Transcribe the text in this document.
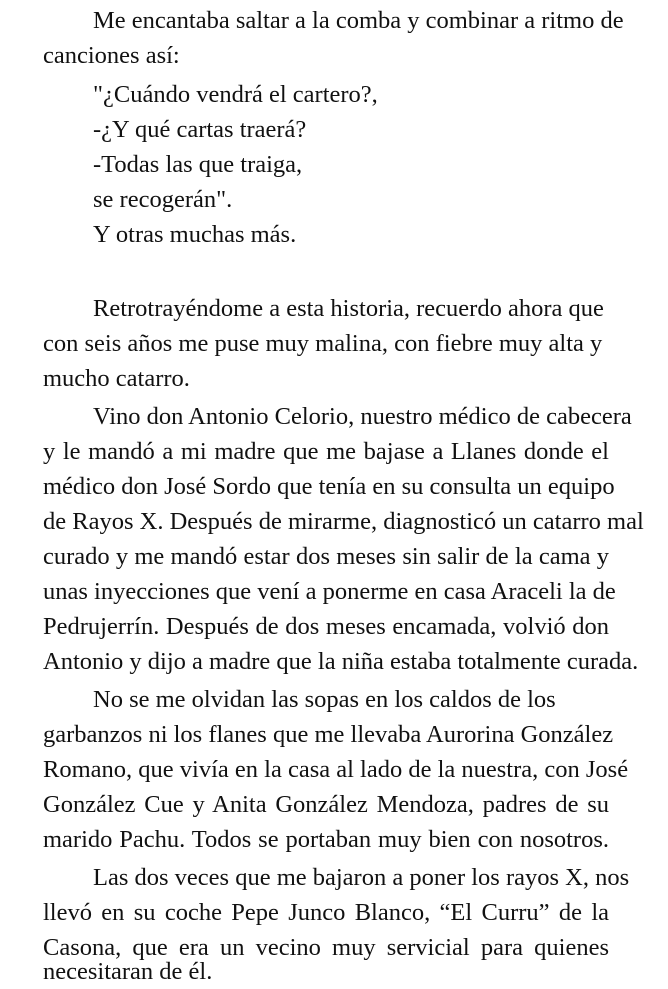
Me encantaba saltar a la comba y combinar a ritmo de
canciones así:
"¿Cuándo vendrá el cartero?,
-¿Y qué cartas traerá?
-Todas las que traiga,
se recogerán".
Y otras muchas más.
Retrotrayéndome a esta historia, recuerdo ahora que
con seis años me puse muy malina, con fiebre muy alta y
mucho catarro.
Vino don Antonio Celorio, nuestro médico de cabecera
y le mandó a mi madre que me bajase a Llanes donde el
médico don José Sordo que tenía en su consulta un equipo
de Rayos X. Después de mirarme, diagnosticó un catarro mal
curado y me mandó estar dos meses sin salir de la cama y
unas inyecciones que vení a ponerme en casa Araceli la de
Pedrujerrín. Después de dos meses encamada, volvió don
Antonio y dijo a madre que la niña estaba totalmente curada.
No se me olvidan las sopas en los caldos de los
garbanzos ni los flanes que me llevaba Aurorina González
Romano, que vivía en la casa al lado de la nuestra, con José
González Cue y Anita González Mendoza, padres de su
marido Pachu. Todos se portaban muy bien con nosotros.
Las dos veces que me bajaron a poner los rayos X, nos
llevó en su coche Pepe Junco Blanco, “El Curru” de la
Casona, que era un vecino muy servicial para quienes
necesitaran de él.
